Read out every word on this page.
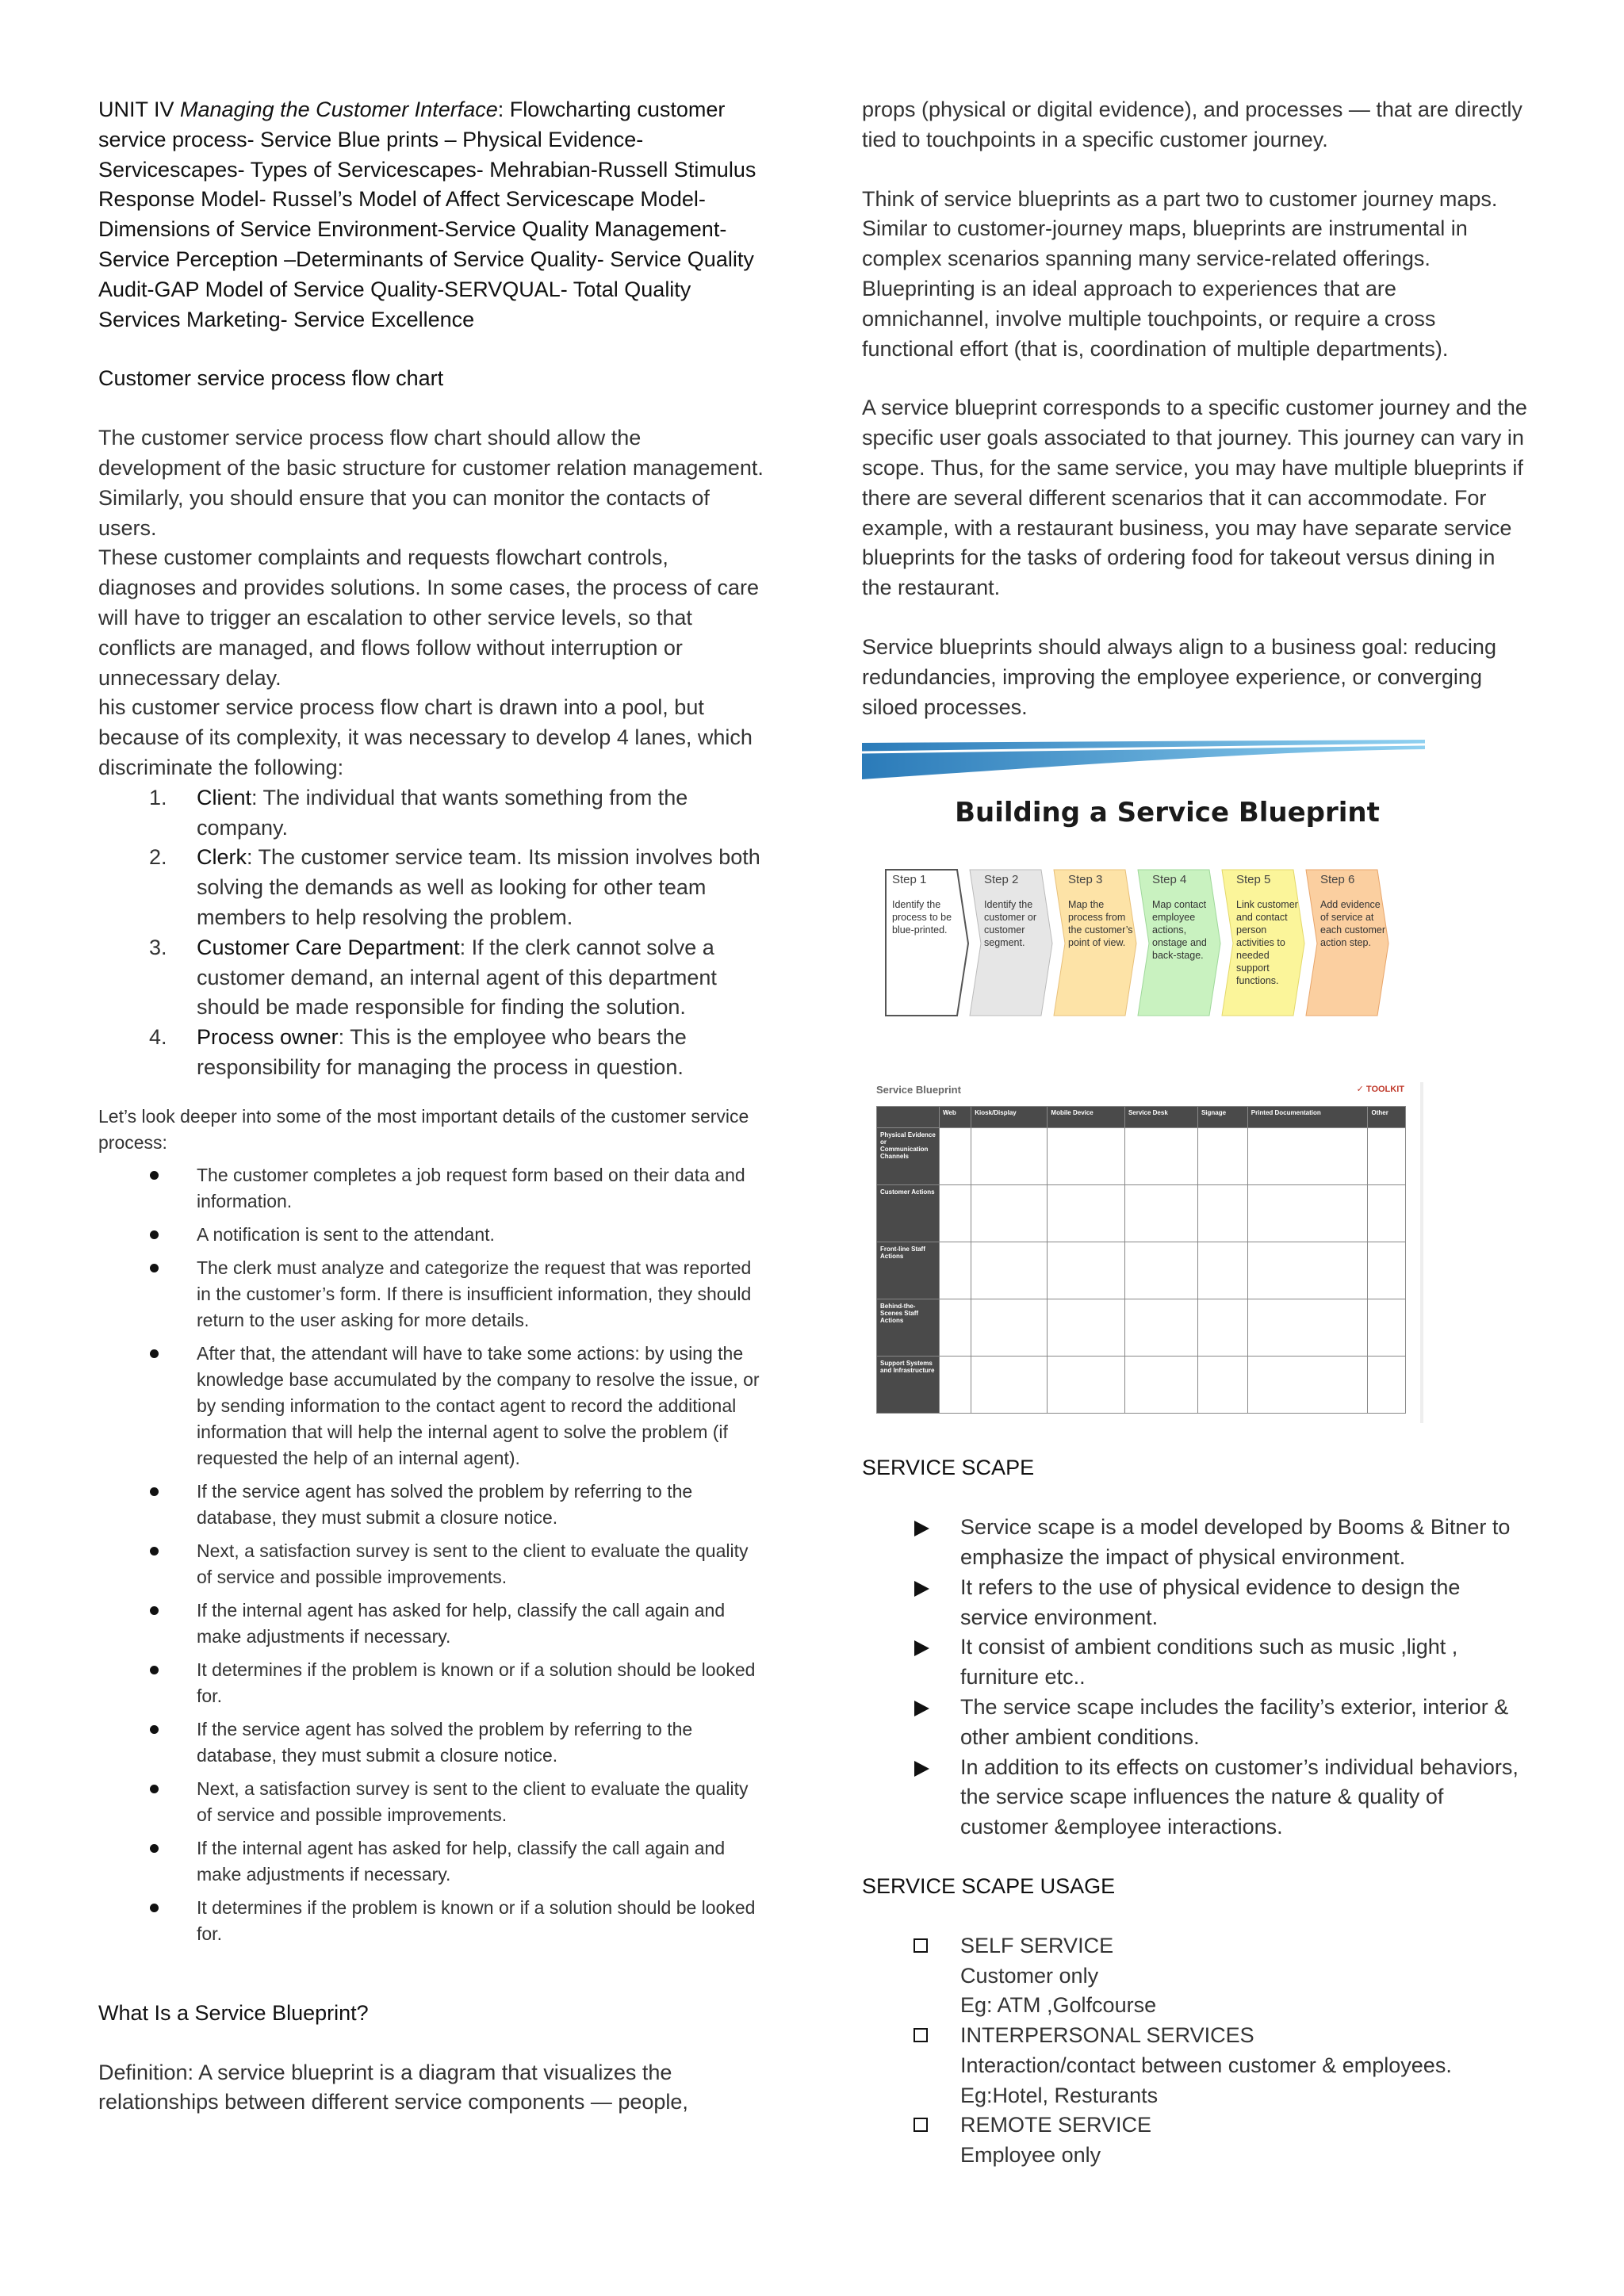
UNIT IV Managing the Customer Interface: Flowcharting customer service process- Service Blue prints – Physical Evidence- Servicescapes- Types of Servicescapes- Mehrabian-Russell Stimulus Response Model- Russel’s Model of Affect Servicescape Model- Dimensions of Service Environment-Service Quality Management- Service Perception –Determinants of Service Quality- Service Quality Audit-GAP Model of Service Quality-SERVQUAL- Total Quality Services Marketing- Service Excellence

Customer service process flow chart

The customer service process flow chart should allow the development of the basic structure for customer relation management. Similarly, you should ensure that you can monitor the contacts of users.

These customer complaints and requests flowchart controls, diagnoses and provides solutions. In some cases, the process of care will have to trigger an escalation to other service levels, so that conflicts are managed, and flows follow without interruption or unnecessary delay.

his customer service process flow chart is drawn into a pool, but because of its complexity, it was necessary to develop 4 lanes, which discriminate the following:

1. Client: The individual that wants something from the company.
2. Clerk: The customer service team. Its mission involves both solving the demands as well as looking for other team members to help resolving the problem.
3. Customer Care Department: If the clerk cannot solve a customer demand, an internal agent of this department should be made responsible for finding the solution.
4. Process owner: This is the employee who bears the responsibility for managing the process in question.

Let’s look deeper into some of the most important details of the customer service process:

The customer completes a job request form based on their data and information.
A notification is sent to the attendant.
The clerk must analyze and categorize the request that was reported in the customer’s form. If there is insufficient information, they should return to the user asking for more details.
After that, the attendant will have to take some actions: by using the knowledge base accumulated by the company to resolve the issue, or by sending information to the contact agent to record the additional information that will help the internal agent to solve the problem (if requested the help of an internal agent).
If the service agent has solved the problem by referring to the database, they must submit a closure notice.
Next, a satisfaction survey is sent to the client to evaluate the quality of service and possible improvements.
If the internal agent has asked for help, classify the call again and make adjustments if necessary.
It determines if the problem is known or if a solution should be looked for.
If the service agent has solved the problem by referring to the database, they must submit a closure notice.
Next, a satisfaction survey is sent to the client to evaluate the quality of service and possible improvements.
If the internal agent has asked for help, classify the call again and make adjustments if necessary.
It determines if the problem is known or if a solution should be looked for.

What Is a Service Blueprint?

Definition: A service blueprint is a diagram that visualizes the relationships between different service components — people,

props (physical or digital evidence), and processes — that are directly tied to touchpoints in a specific customer journey.

Think of service blueprints as a part two to customer journey maps. Similar to customer-journey maps, blueprints are instrumental in complex scenarios spanning many service-related offerings. Blueprinting is an ideal approach to experiences that are omnichannel, involve multiple touchpoints, or require a cross functional effort (that is, coordination of multiple departments).

A service blueprint corresponds to a specific customer journey and the specific user goals associated to that journey. This journey can vary in scope. Thus, for the same service, you may have multiple blueprints if there are several different scenarios that it can accommodate. For example, with a restaurant business, you may have separate service blueprints for the tasks of ordering food for takeout versus dining in the restaurant.

Service blueprints should always align to a business goal: reducing redundancies, improving the employee experience, or converging siloed processes.

Building a Service Blueprint
Step 1
Identify the process to be blue-printed.
Step 2
Identify the customer or customer segment.
Step 3
Map the process from the customer’s point of view.
Step 4
Map contact employee actions, onstage and back-stage.
Step 5
Link customer and contact person activities to needed support functions.
Step 6
Add evidence of service at each customer action step.
Service Blueprint	✓ TOOLKIT
	Web	Kiosk/Display	Mobile Device	Service Desk	Signage	Printed Documentation	Other
Physical Evidence or Communication Channels							
Customer Actions							
Front-line Staff Actions							
Behind-the-Scenes Staff Actions							
Support Systems and Infrastructure							

SERVICE SCAPE

Service scape is a model developed by Booms & Bitner to emphasize the impact of physical environment.
It refers to the use of physical evidence to design the service environment.
It consist of ambient conditions such as music ,light , furniture etc..
The service scape includes the facility’s exterior, interior & other ambient conditions.
In addition to its effects on customer’s individual behaviors, the service scape influences the nature & quality of customer &employee interactions.

SERVICE SCAPE USAGE

SELF SERVICE
Customer only
Eg: ATM ,Golfcourse
INTERPERSONAL SERVICES
Interaction/contact between customer & employees.
Eg:Hotel, Resturants
REMOTE SERVICE
Employee only
